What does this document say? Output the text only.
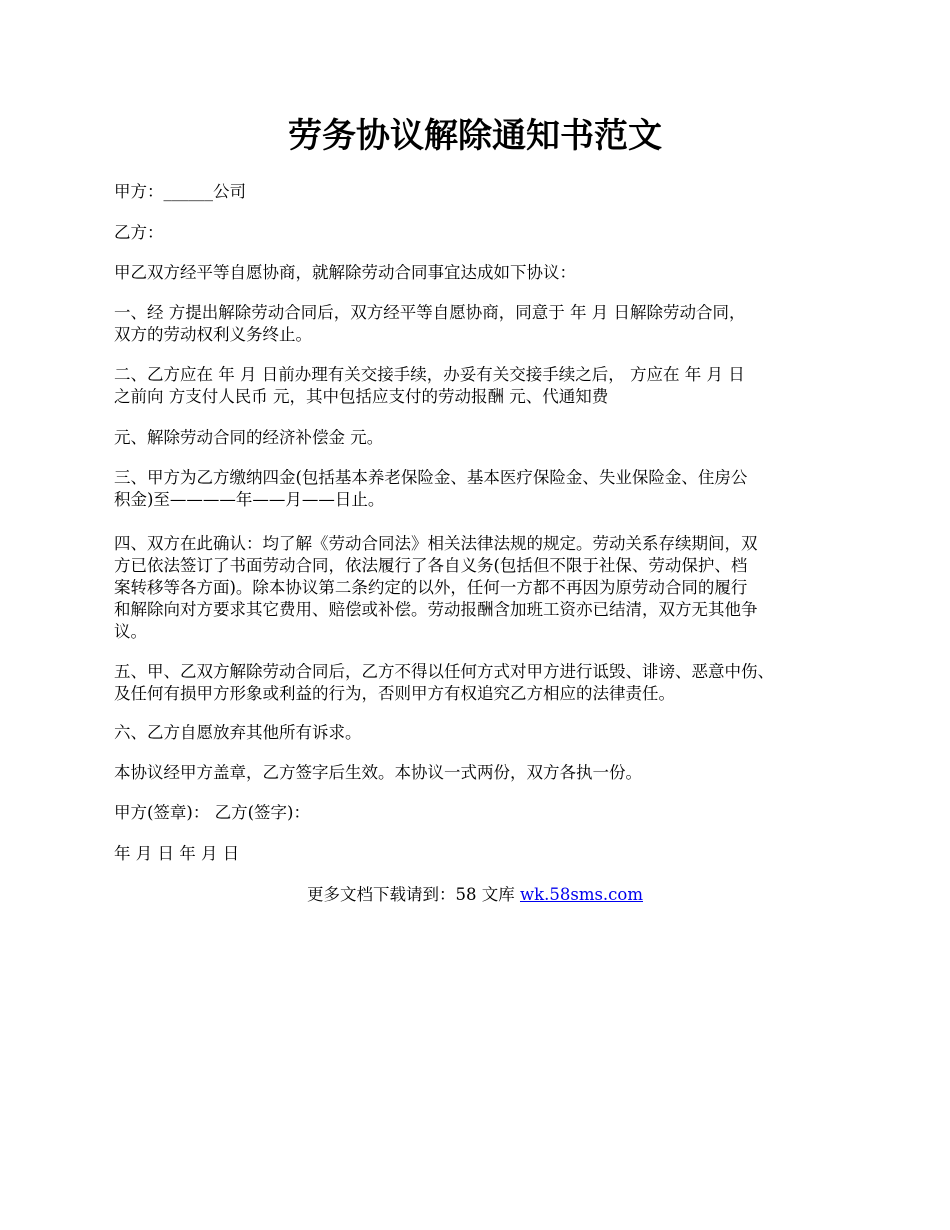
劳务协议解除通知书范文

甲方：______公司

乙方：

甲乙双方经平等自愿协商，就解除劳动合同事宜达成如下协议：

一、经 方提出解除劳动合同后，双方经平等自愿协商，同意于 年 月 日解除劳动合同，
双方的劳动权利义务终止。

二、乙方应在 年 月 日前办理有关交接手续，办妥有关交接手续之后， 方应在 年 月 日
之前向 方支付人民币 元，其中包括应支付的劳动报酬 元、代通知费

元、解除劳动合同的经济补偿金 元。

三、甲方为乙方缴纳四金(包括基本养老保险金、基本医疗保险金、失业保险金、住房公
积金)至————年——月——日止。

四、双方在此确认：均了解《劳动合同法》相关法律法规的规定。劳动关系存续期间，双
方已依法签订了书面劳动合同，依法履行了各自义务(包括但不限于社保、劳动保护、档
案转移等各方面)。除本协议第二条约定的以外，任何一方都不再因为原劳动合同的履行
和解除向对方要求其它费用、赔偿或补偿。劳动报酬含加班工资亦已结清，双方无其他争
议。

五、甲、乙双方解除劳动合同后，乙方不得以任何方式对甲方进行诋毁、诽谤、恶意中伤、
及任何有损甲方形象或利益的行为，否则甲方有权追究乙方相应的法律责任。

六、乙方自愿放弃其他所有诉求。

本协议经甲方盖章，乙方签字后生效。本协议一式两份，双方各执一份。

甲方(签章)： 乙方(签字)：

年 月 日 年 月 日

更多文档下载请到：58 文库 wk.58sms.com
